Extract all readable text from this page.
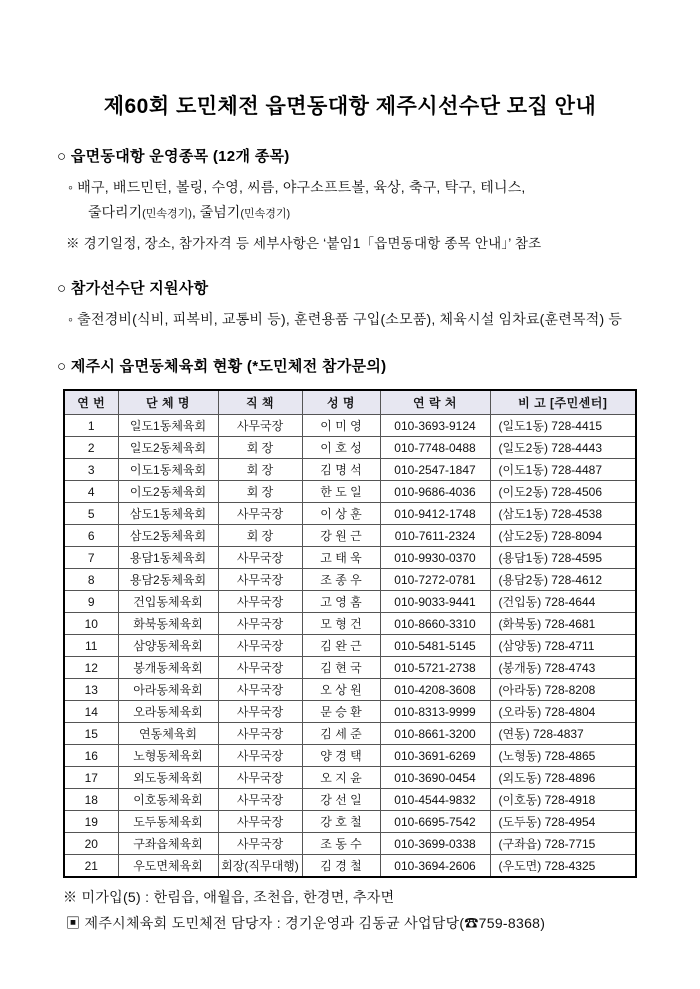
제60회 도민체전 읍면동대항 제주시선수단 모집 안내
○ 읍면동대항 운영종목 (12개 종목)
◦ 배구, 배드민턴, 볼링, 수영, 씨름, 야구소프트볼, 육상, 축구, 탁구, 테니스,
줄다리기(민속경기), 줄넘기(민속경기)
※ 경기일정, 장소, 참가자격 등 세부사항은 ‘붙임1「읍면동대항 종목 안내」’ 참조
○ 참가선수단 지원사항
◦ 출전경비(식비, 피복비, 교통비 등), 훈련용품 구입(소모품), 체육시설 임차료(훈련목적) 등
○ 제주시 읍면동체육회 현황 (*도민체전 참가문의)
연 번	단 체 명	직 책	성 명	연 락 처	비 고 [주민센터]
1	일도1동체육회	사무국장	이 미 영	010-3693-9124	(일도1동) 728-4415
2	일도2동체육회	회 장	이 호 성	010-7748-0488	(일도2동) 728-4443
3	이도1동체육회	회 장	김 명 석	010-2547-1847	(이도1동) 728-4487
4	이도2동체육회	회 장	한 도 일	010-9686-4036	(이도2동) 728-4506
5	삼도1동체육회	사무국장	이 상 훈	010-9412-1748	(삼도1동) 728-4538
6	삼도2동체육회	회 장	강 원 근	010-7611-2324	(삼도2동) 728-8094
7	용담1동체육회	사무국장	고 태 욱	010-9930-0370	(용담1동) 728-4595
8	용담2동체육회	사무국장	조 종 우	010-7272-0781	(용담2동) 728-4612
9	건입동체육회	사무국장	고 영 홈	010-9033-9441	(건입동) 728-4644
10	화북동체육회	사무국장	모 형 건	010-8660-3310	(화북동) 728-4681
11	삼양동체육회	사무국장	김 완 근	010-5481-5145	(삼양동) 728-4711
12	봉개동체육회	사무국장	김 현 국	010-5721-2738	(봉개동) 728-4743
13	아라동체육회	사무국장	오 상 원	010-4208-3608	(아라동) 728-8208
14	오라동체육회	사무국장	문 승 환	010-8313-9999	(오라동) 728-4804
15	연동체육회	사무국장	김 세 준	010-8661-3200	(연동) 728-4837
16	노형동체육회	사무국장	양 경 택	010-3691-6269	(노형동) 728-4865
17	외도동체육회	사무국장	오 지 윤	010-3690-0454	(외도동) 728-4896
18	이호동체육회	사무국장	강 선 일	010-4544-9832	(이호동) 728-4918
19	도두동체육회	사무국장	강 호 철	010-6695-7542	(도두동) 728-4954
20	구좌읍체육회	사무국장	조 동 수	010-3699-0338	(구좌읍) 728-7715
21	우도면체육회	회장(직무대행)	김 경 철	010-3694-2606	(우도면) 728-4325
※ 미가입(5) : 한림읍, 애월읍, 조천읍, 한경면, 추자면
▣ 제주시체육회 도민체전 담당자 : 경기운영과 김동균 사업담당(☎759-8368)
